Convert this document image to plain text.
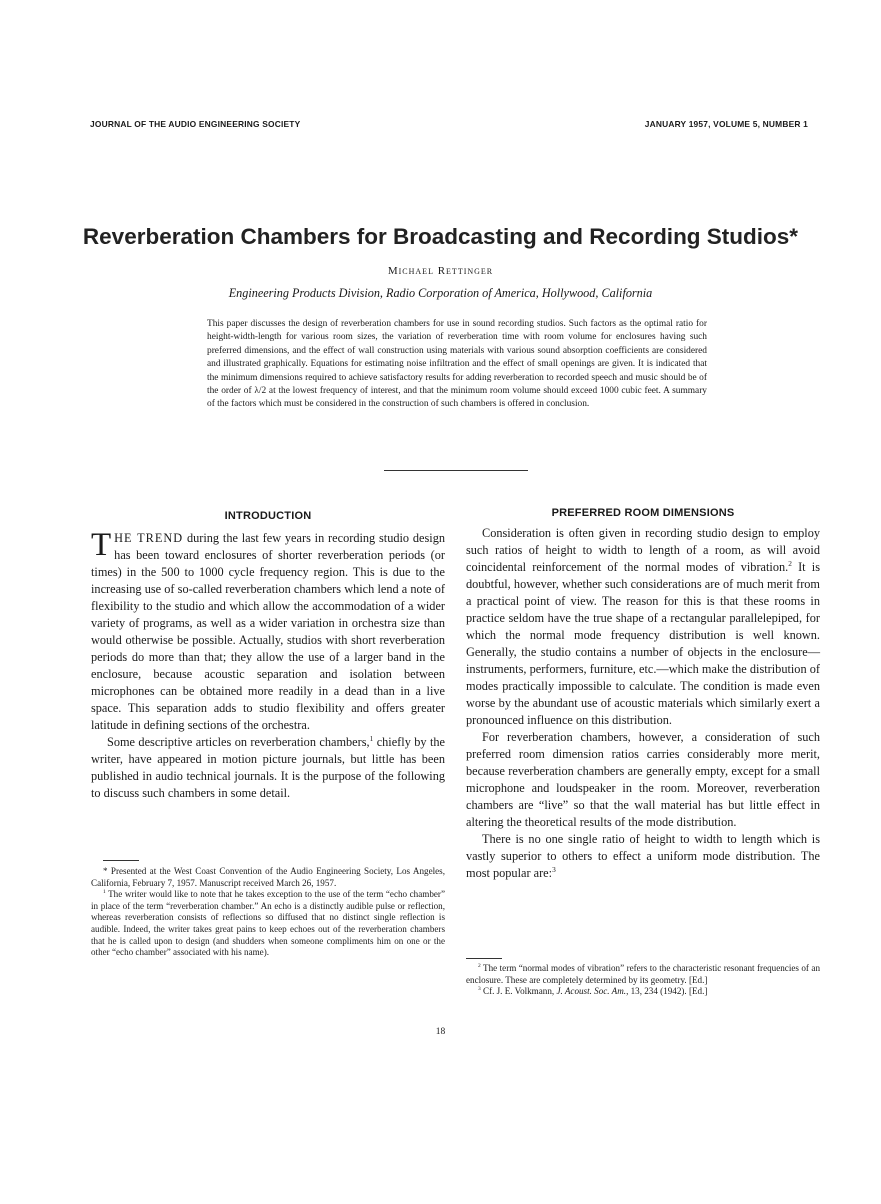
JOURNAL OF THE AUDIO ENGINEERING SOCIETY	JANUARY 1957, VOLUME 5, NUMBER 1
Reverberation Chambers for Broadcasting and Recording Studios*
Michael Rettinger
Engineering Products Division, Radio Corporation of America, Hollywood, California
This paper discusses the design of reverberation chambers for use in sound recording studios. Such factors as the optimal ratio for height-width-length for various room sizes, the variation of reverberation time with room volume for enclosures having such preferred dimensions, and the effect of wall construction using materials with various sound absorption coefficients are considered and illustrated graphically. Equations for estimating noise infiltration and the effect of small openings are given. It is indicated that the minimum dimensions required to achieve satisfactory results for adding reverberation to recorded speech and music should be of the order of λ/2 at the lowest frequency of interest, and that the minimum room volume should exceed 1000 cubic feet. A summary of the factors which must be considered in the construction of such chambers is offered in conclusion.
INTRODUCTION

THE TREND during the last few years in recording studio design has been toward enclosures of shorter reverberation periods (or times) in the 500 to 1000 cycle frequency region. This is due to the increasing use of so-called reverberation chambers which lend a note of flexibility to the studio and which allow the accommodation of a wider variety of programs, as well as a wider variation in orchestra size than would otherwise be possible. Actually, studios with short reverberation periods do more than that; they allow the use of a larger band in the enclosure, because acoustic separation and isolation between microphones can be obtained more readily in a dead than in a live space. This separation adds to studio flexibility and offers greater latitude in defining sections of the orchestra.

Some descriptive articles on reverberation chambers,$^1$ chiefly by the writer, have appeared in motion picture journals, but little has been published in audio technical journals. It is the purpose of the following to discuss such chambers in some detail.

* Presented at the West Coast Convention of the Audio Engineering Society, Los Angeles, California, February 7, 1957. Manuscript received March 26, 1957.

$^1$ The writer would like to note that he takes exception to the use of the term “echo chamber” in place of the term “reverberation chamber.” An echo is a distinctly audible pulse or reflection, whereas reverberation consists of reflections so diffused that no distinct single reflection is audible. Indeed, the writer takes great pains to keep echoes out of the reverberation chambers that he is called upon to design (and shudders when someone compliments him on one or the other “echo chamber” associated with his name).

PREFERRED ROOM DIMENSIONS

Consideration is often given in recording studio design to employ such ratios of height to width to length of a room, as will avoid coincidental reinforcement of the normal modes of vibration.$^2$ It is doubtful, however, whether such considerations are of much merit from a practical point of view. The reason for this is that these rooms in practice seldom have the true shape of a rectangular parallelepiped, for which the normal mode frequency distribution is well known. Generally, the studio contains a number of objects in the enclosure—instruments, performers, furniture, etc.—which make the distribution of modes practically impossible to calculate. The condition is made even worse by the abundant use of acoustic materials which similarly exert a pronounced influence on this distribution.

For reverberation chambers, however, a consideration of such preferred room dimension ratios carries considerably more merit, because reverberation chambers are generally empty, except for a small microphone and loudspeaker in the room. Moreover, reverberation chambers are “live” so that the wall material has but little effect in altering the theoretical results of the mode distribution.

There is no one single ratio of height to width to length which is vastly superior to others to effect a uniform mode distribution. The most popular are:$^3$

$^2$ The term “normal modes of vibration” refers to the characteristic resonant frequencies of an enclosure. These are completely determined by its geometry. [Ed.]

$^3$ Cf. J. E. Volkmann, J. Acoust. Soc. Am., 13, 234 (1942). [Ed.]

18
